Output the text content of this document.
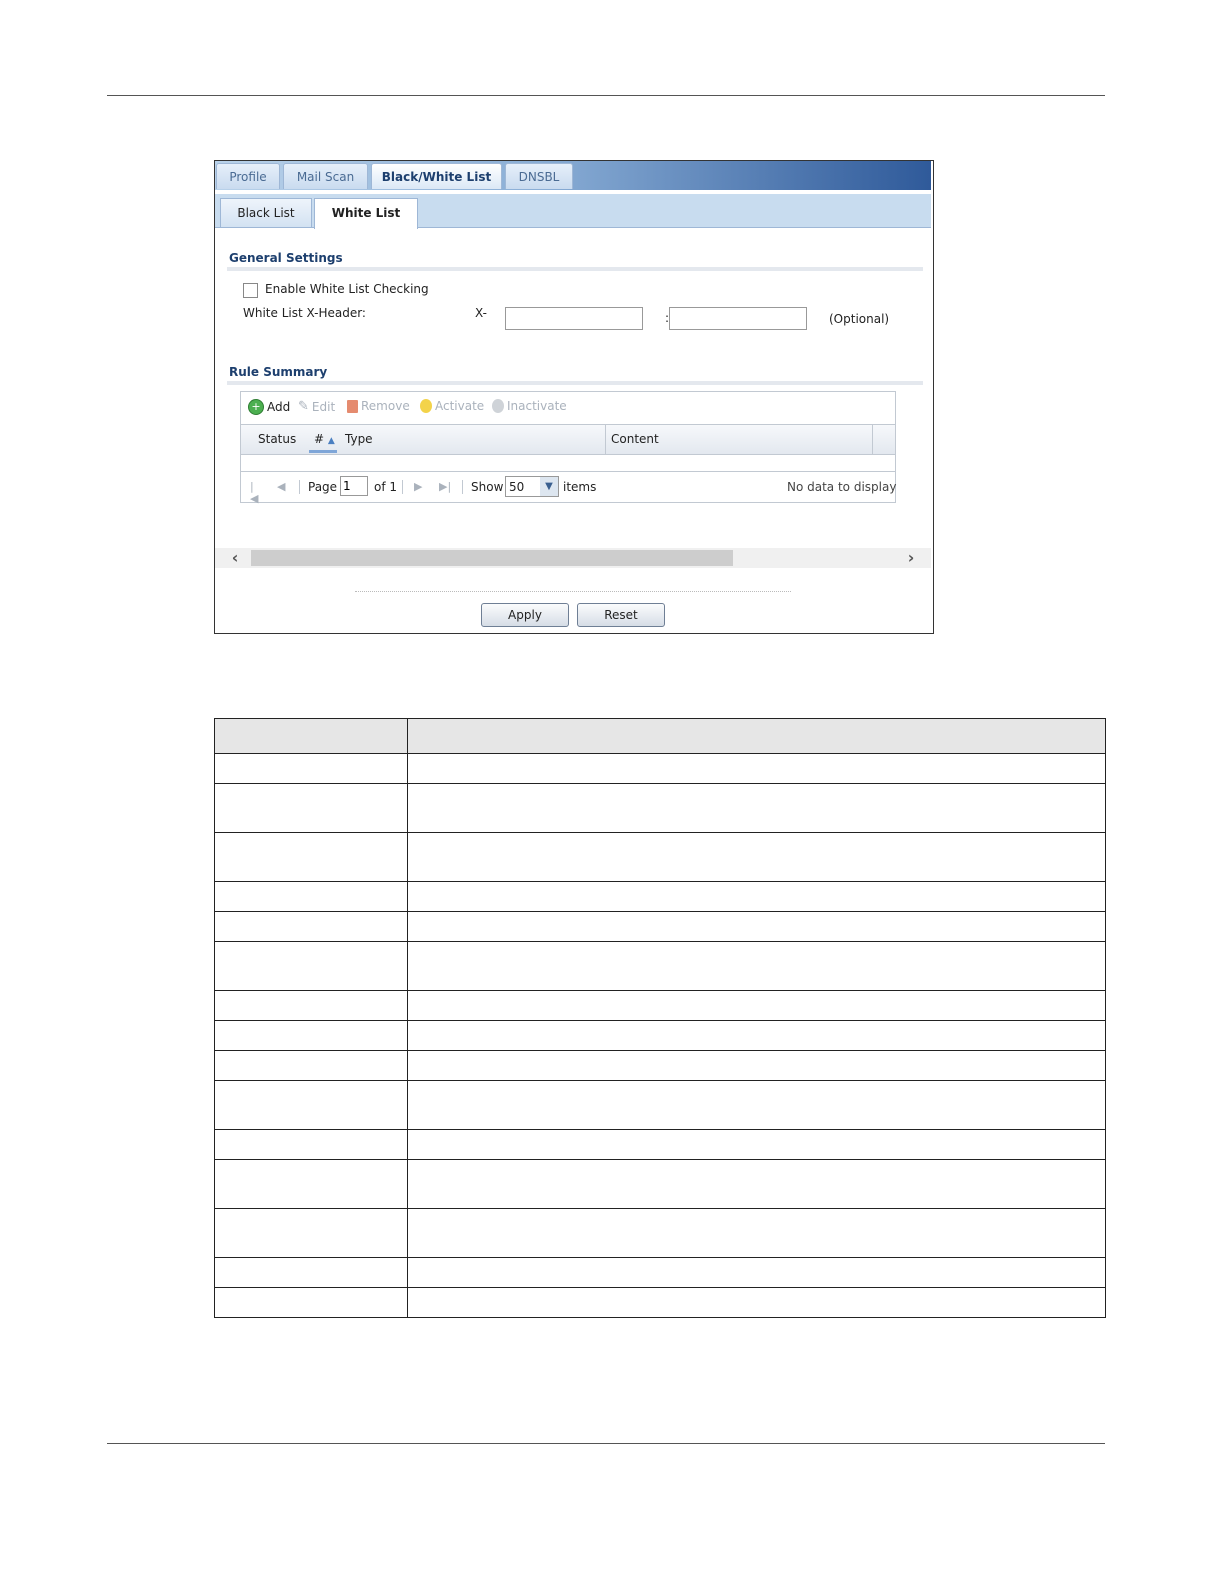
Profile	Mail Scan	Black/White List	DNSBL
Black List	White List
General Settings
Enable White List Checking
White List X-Header:	X-	:	(Optional)
Rule Summary
+ Add ✎ Edit Remove Activate Inactivate
Status # ▲ Type	Content
|◀
◀ Page
1	of 1 ▶	▶| Show 50	▼ items	No data to display
‹	›
Apply	Reset
